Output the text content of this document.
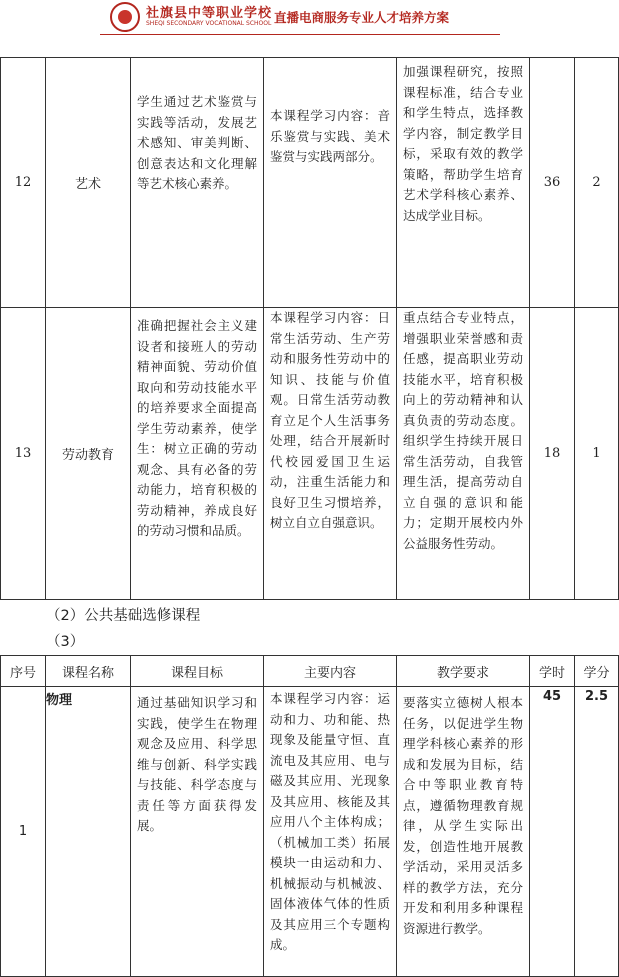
社旗县中等职业学校
SHEQI SECONDARY VOCATIONAL SCHOOL 直播电商服务专业人才培养方案
12	艺术	学生通过艺术鉴赏与实践等活动，发展艺术感知、审美判断、创意表达和文化理解等艺术核心素养。	本课程学习内容：音乐鉴赏与实践、美术鉴赏与实践两部分。	加强课程研究，按照课程标准，结合专业和学生特点，选择教学内容，制定教学目标，采取有效的教学策略，帮助学生培育艺术学科核心素养、达成学业目标。	36	2
13	劳动教育	准确把握社会主义建设者和接班人的劳动精神面貌、劳动价值取向和劳动技能水平的培养要求全面提高学生劳动素养，使学生：树立正确的劳动观念、具有必备的劳动能力，培育积极的劳动精神，养成良好的劳动习惯和品质。	本课程学习内容：日常生活劳动、生产劳动和服务性劳动中的知识、技能与价值观。日常生活劳动教育立足个人生活事务处理，结合开展新时代校园爱国卫生运动，注重生活能力和良好卫生习惯培养，树立自立自强意识。	重点结合专业特点，增强职业荣誉感和责任感，提高职业劳动技能水平，培育积极向上的劳动精神和认真负责的劳动态度。组织学生持续开展日常生活劳动，自我管理生活，提高劳动自立自强的意识和能力；定期开展校内外公益服务性劳动。	18	1
（2）公共基础选修课程
（3）
序号	课程名称	课程目标	主要内容	教学要求	学时	学分
1	物理	通过基础知识学习和实践，使学生在物理观念及应用、科学思维与创新、科学实践与技能、科学态度与责任等方面获得发展。	本课程学习内容：运动和力、功和能、热现象及能量守恒、直流电及其应用、电与磁及其应用、光现象及其应用、核能及其应用八个主体构成；（机械加工类）拓展模块一由运动和力、机械振动与机械波、固体液体气体的性质及其应用三个专题构成。	要落实立德树人根本任务，以促进学生物理学科核心素养的形成和发展为目标，结合中等职业教育特点，遵循物理教育规律，从学生实际出发，创造性地开展教学活动，采用灵活多样的教学方法，充分开发和利用多种课程资源进行教学。	45	2.5
